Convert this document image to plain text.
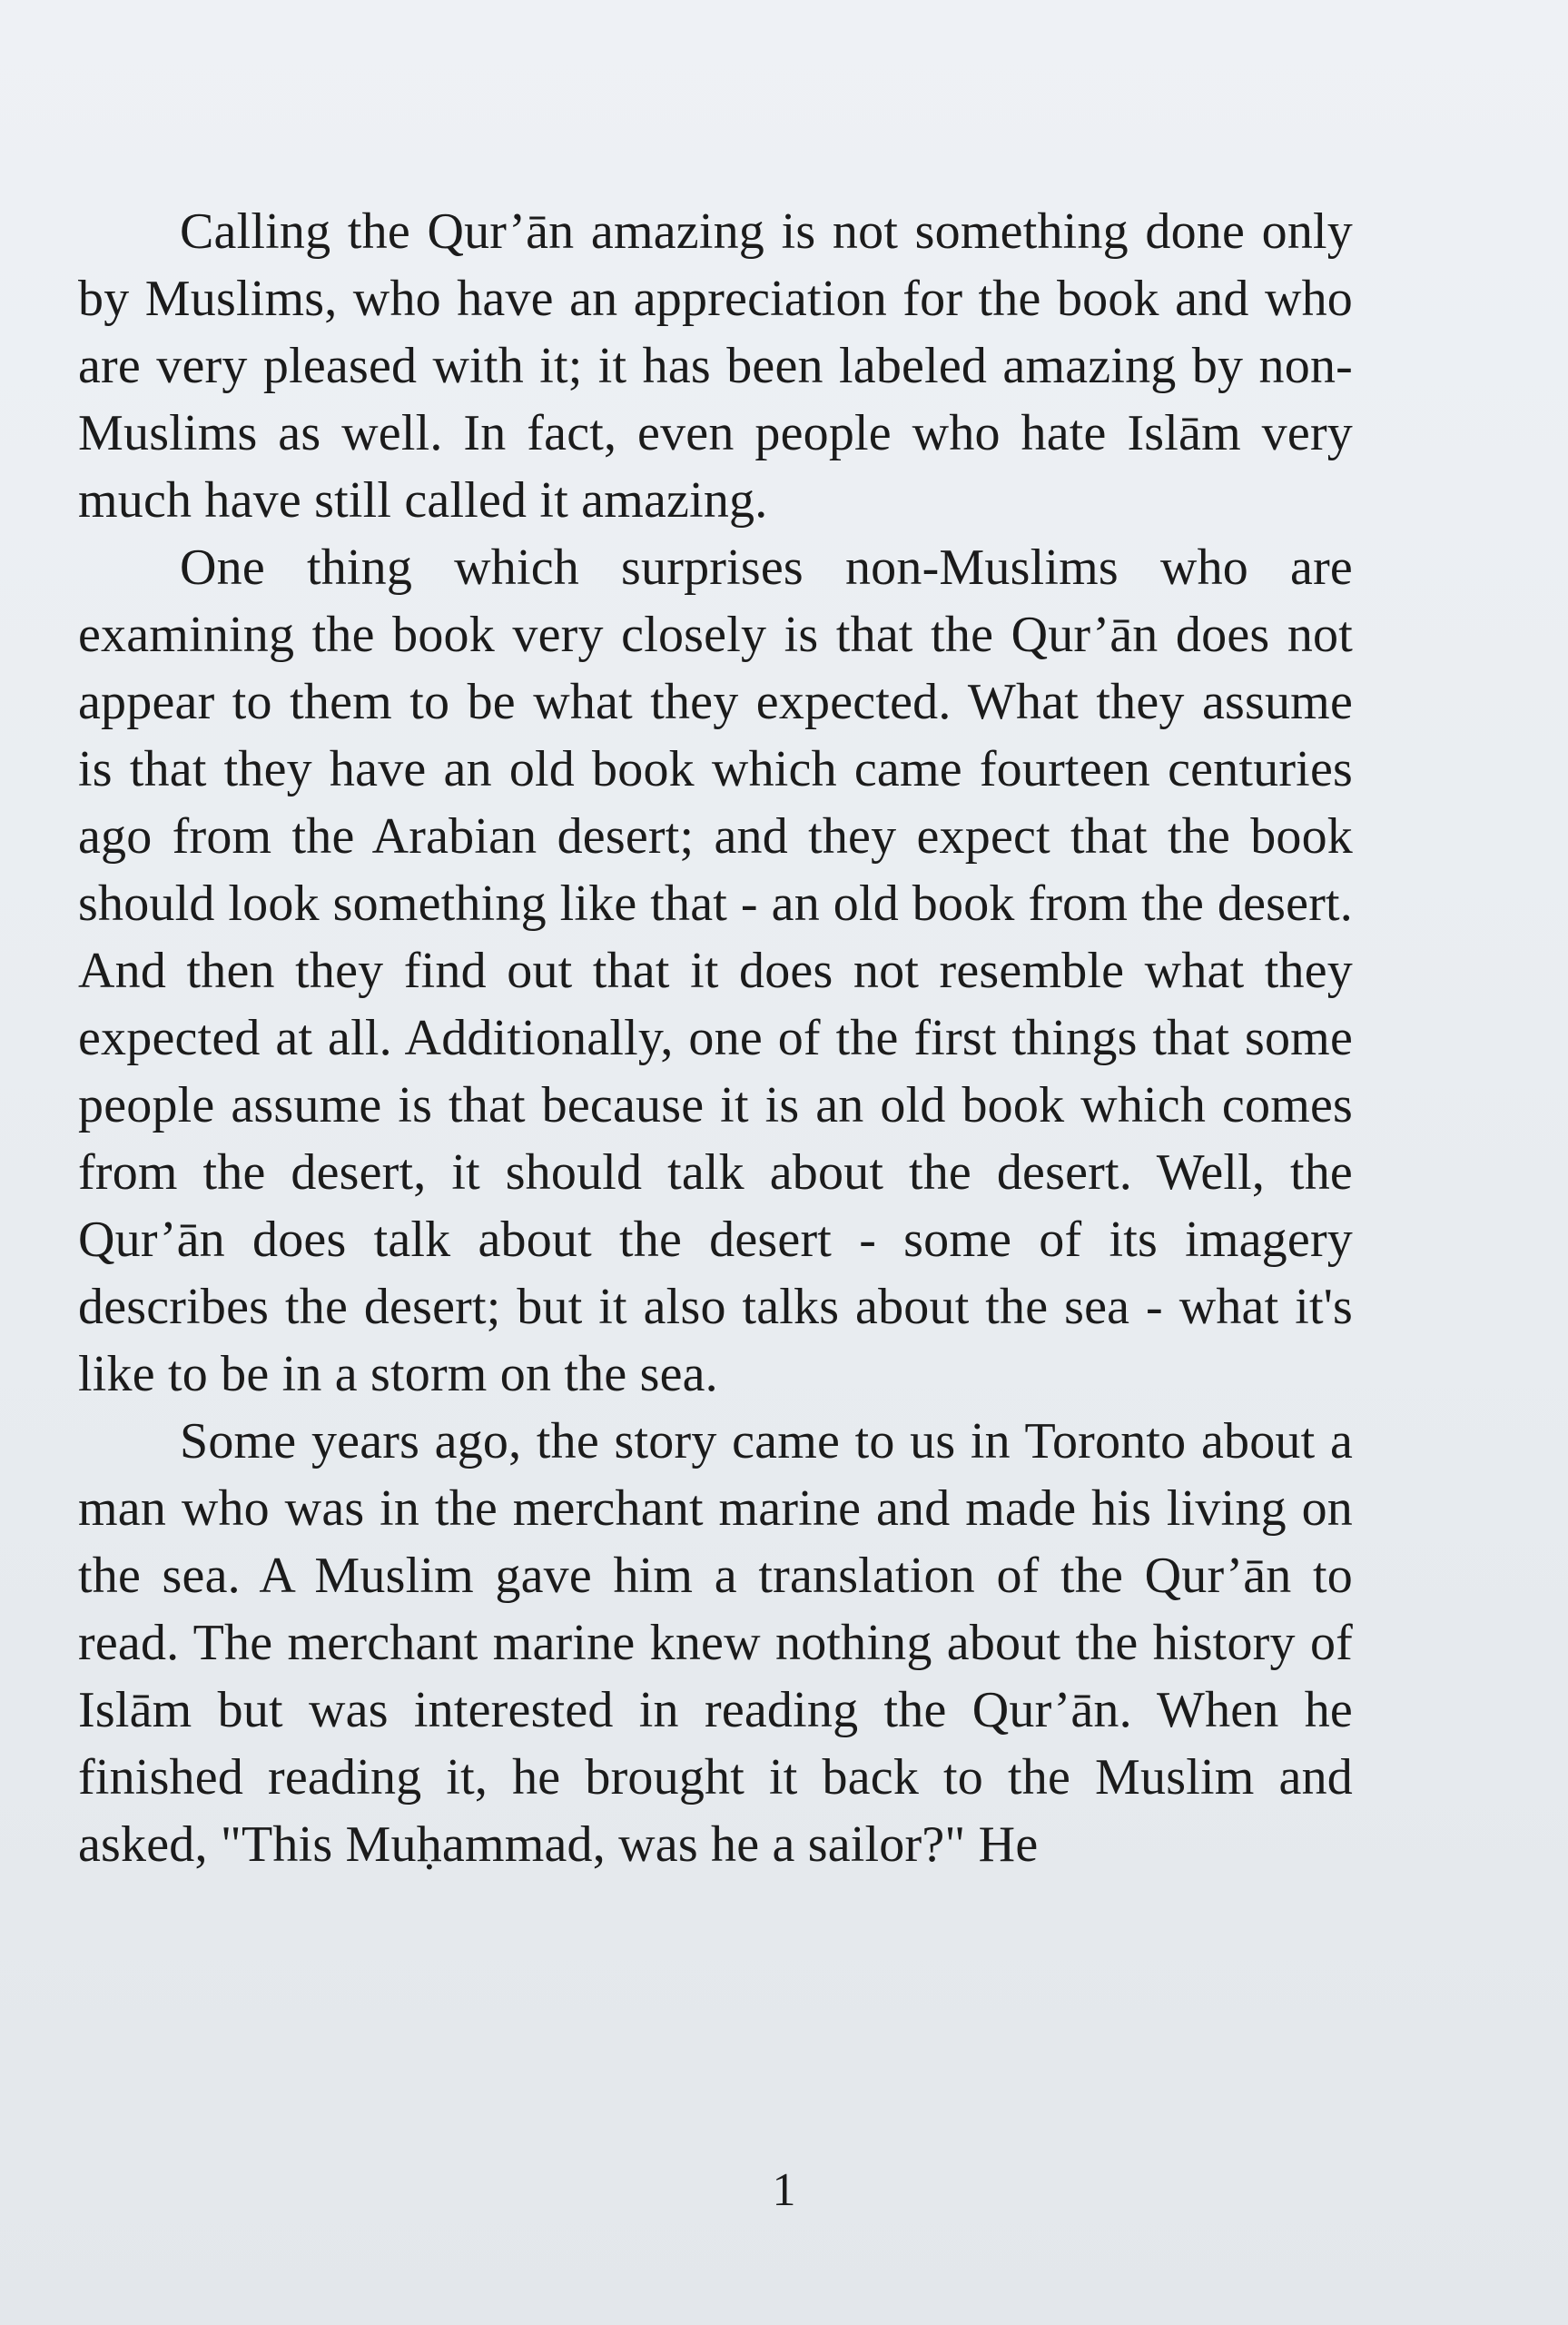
Calling the Qur’ān amazing is not something done only by Muslims, who have an appreciation for the book and who are very pleased with it; it has been labeled amazing by non-Muslims as well. In fact, even people who hate Islām very much have still called it amazing.

One thing which surprises non-Muslims who are examining the book very closely is that the Qur’ān does not appear to them to be what they expected. What they assume is that they have an old book which came fourteen centuries ago from the Arabian desert; and they expect that the book should look something like that - an old book from the desert. And then they find out that it does not resemble what they expected at all. Additionally, one of the first things that some people assume is that because it is an old book which comes from the desert, it should talk about the desert. Well, the Qur’ān does talk about the desert - some of its imagery describes the desert; but it also talks about the sea - what it's like to be in a storm on the sea.

Some years ago, the story came to us in Toronto about a man who was in the merchant marine and made his living on the sea. A Muslim gave him a translation of the Qur’ān to read. The merchant marine knew nothing about the history of Islām but was interested in reading the Qur’ān. When he finished reading it, he brought it back to the Muslim and asked, "This Muḥammad, was he a sailor?" He

1
